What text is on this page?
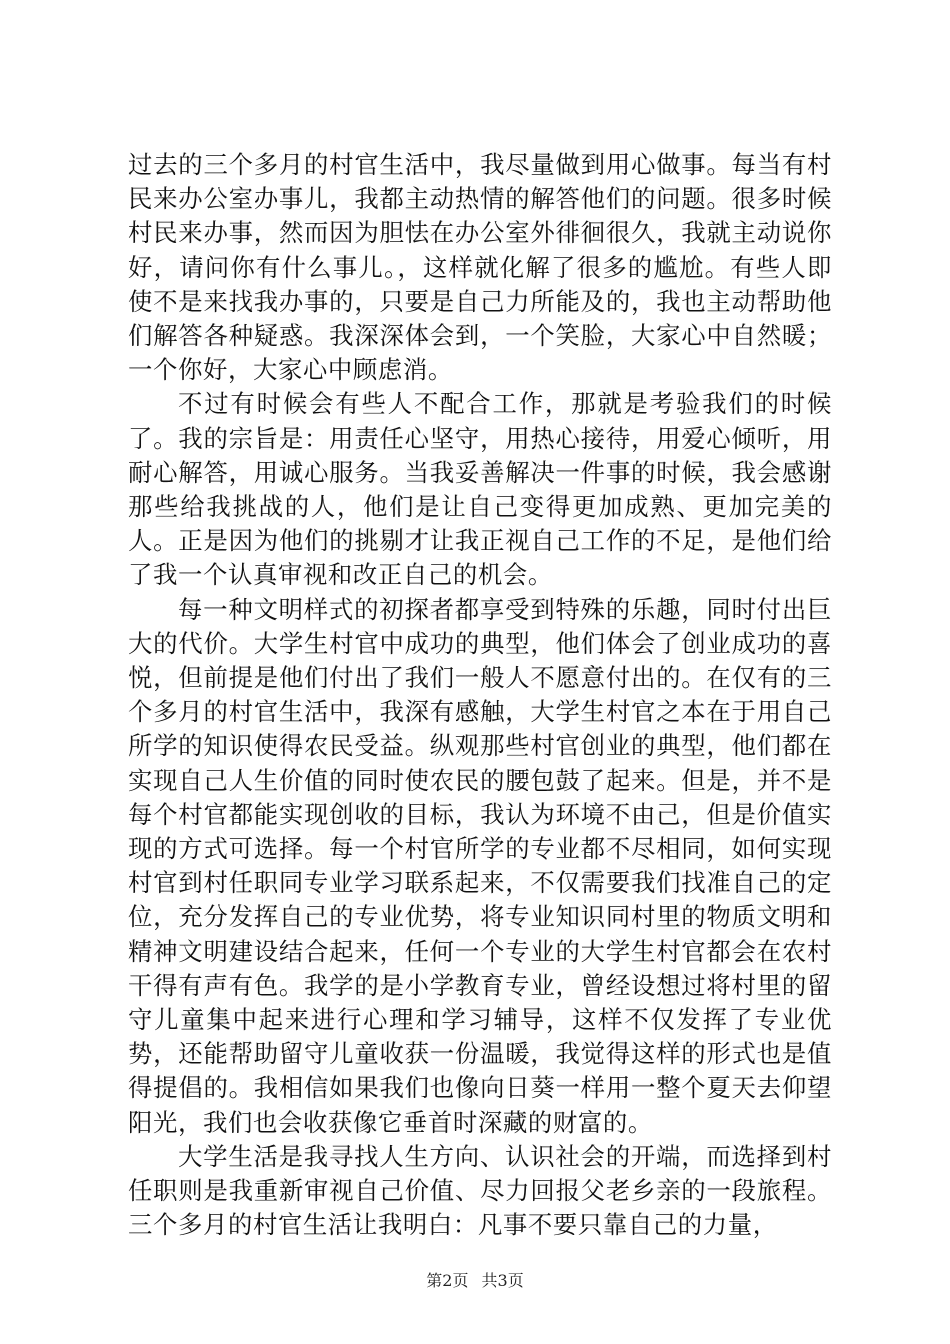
过去的三个多月的村官生活中，我尽量做到用心做事。每当有村民来办公室办事儿，我都主动热情的解答他们的问题。很多时候村民来办事，然而因为胆怯在办公室外徘徊很久，我就主动说你好，请问你有什么事儿。，这样就化解了很多的尴尬。有些人即使不是来找我办事的，只要是自己力所能及的，我也主动帮助他们解答各种疑惑。我深深体会到，一个笑脸，大家心中自然暖；一个你好，大家心中顾虑消。

不过有时候会有些人不配合工作，那就是考验我们的时候了。我的宗旨是：用责任心坚守，用热心接待，用爱心倾听，用耐心解答，用诚心服务。当我妥善解决一件事的时候，我会感谢那些给我挑战的人，他们是让自己变得更加成熟、更加完美的人。正是因为他们的挑剔才让我正视自己工作的不足，是他们给了我一个认真审视和改正自己的机会。

每一种文明样式的初探者都享受到特殊的乐趣，同时付出巨大的代价。大学生村官中成功的典型，他们体会了创业成功的喜悦，但前提是他们付出了我们一般人不愿意付出的。在仅有的三个多月的村官生活中，我深有感触，大学生村官之本在于用自己所学的知识使得农民受益。纵观那些村官创业的典型，他们都在实现自己人生价值的同时使农民的腰包鼓了起来。但是，并不是每个村官都能实现创收的目标，我认为环境不由己，但是价值实现的方式可选择。每一个村官所学的专业都不尽相同，如何实现村官到村任职同专业学习联系起来，不仅需要我们找准自己的定位，充分发挥自己的专业优势，将专业知识同村里的物质文明和精神文明建设结合起来，任何一个专业的大学生村官都会在农村干得有声有色。我学的是小学教育专业，曾经设想过将村里的留守儿童集中起来进行心理和学习辅导，这样不仅发挥了专业优势，还能帮助留守儿童收获一份温暖，我觉得这样的形式也是值得提倡的。我相信如果我们也像向日葵一样用一整个夏天去仰望阳光，我们也会收获像它垂首时深藏的财富的。

大学生活是我寻找人生方向、认识社会的开端，而选择到村任职则是我重新审视自己价值、尽力回报父老乡亲的一段旅程。三个多月的村官生活让我明白：凡事不要只靠自己的力量，

第2页 共3页
